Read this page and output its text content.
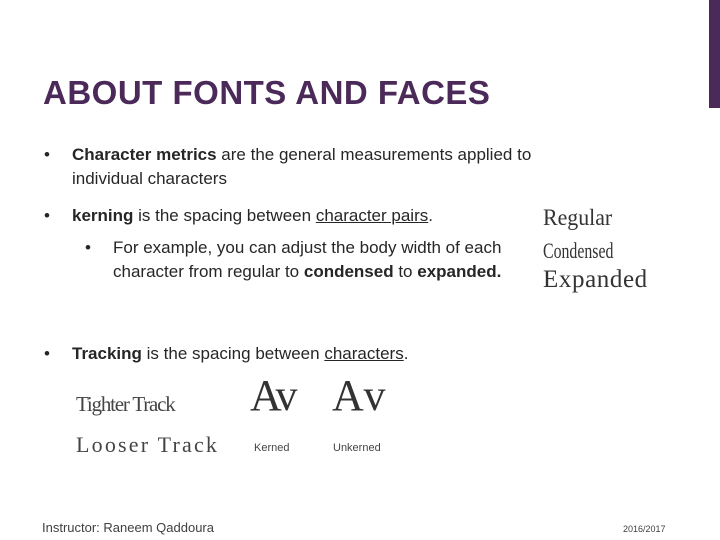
ABOUT FONTS AND FACES
• Character metrics are the general measurements applied to individual characters
• kerning is the spacing between character pairs.
• For example, you can adjust the body width of each character from regular to condensed to expanded.
• Tracking is the spacing between characters.

Regular

Condensed

Expanded

Tighter Track

Looser Track

Av Av

Kerned	Unkerned

Instructor: Raneem Qaddoura	2016/2017
